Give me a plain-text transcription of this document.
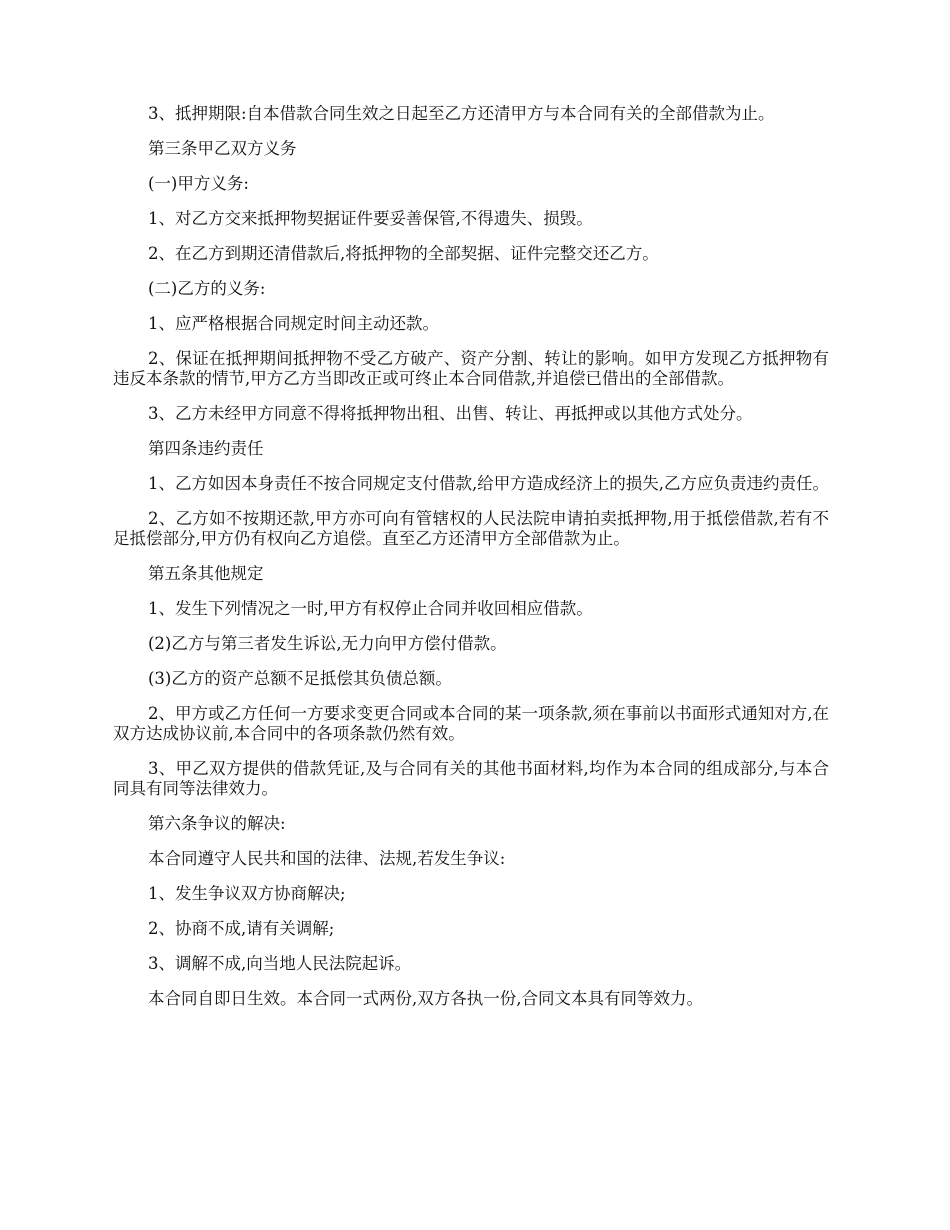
3、抵押期限:自本借款合同生效之日起至乙方还清甲方与本合同有关的全部借款为止。

第三条甲乙双方义务

(一)甲方义务:

1、对乙方交来抵押物契据证件要妥善保管,不得遗失、损毁。

2、在乙方到期还清借款后,将抵押物的全部契据、证件完整交还乙方。

(二)乙方的义务:

1、应严格根据合同规定时间主动还款。

2、保证在抵押期间抵押物不受乙方破产、资产分割、转让的影响。如甲方发现乙方抵押物有违反本条款的情节,甲方乙方当即改正或可终止本合同借款,并追偿已借出的全部借款。

3、乙方未经甲方同意不得将抵押物出租、出售、转让、再抵押或以其他方式处分。

第四条违约责任

1、乙方如因本身责任不按合同规定支付借款,给甲方造成经济上的损失,乙方应负责违约责任。

2、乙方如不按期还款,甲方亦可向有管辖权的人民法院申请拍卖抵押物,用于抵偿借款,若有不足抵偿部分,甲方仍有权向乙方追偿。直至乙方还清甲方全部借款为止。

第五条其他规定

1、发生下列情况之一时,甲方有权停止合同并收回相应借款。

(2)乙方与第三者发生诉讼,无力向甲方偿付借款。

(3)乙方的资产总额不足抵偿其负债总额。

2、甲方或乙方任何一方要求变更合同或本合同的某一项条款,须在事前以书面形式通知对方,在双方达成协议前,本合同中的各项条款仍然有效。

3、甲乙双方提供的借款凭证,及与合同有关的其他书面材料,均作为本合同的组成部分,与本合同具有同等法律效力。

第六条争议的解决:

本合同遵守人民共和国的法律、法规,若发生争议:

1、发生争议双方协商解决;

2、协商不成,请有关调解;

3、调解不成,向当地人民法院起诉。

本合同自即日生效。本合同一式两份,双方各执一份,合同文本具有同等效力。
